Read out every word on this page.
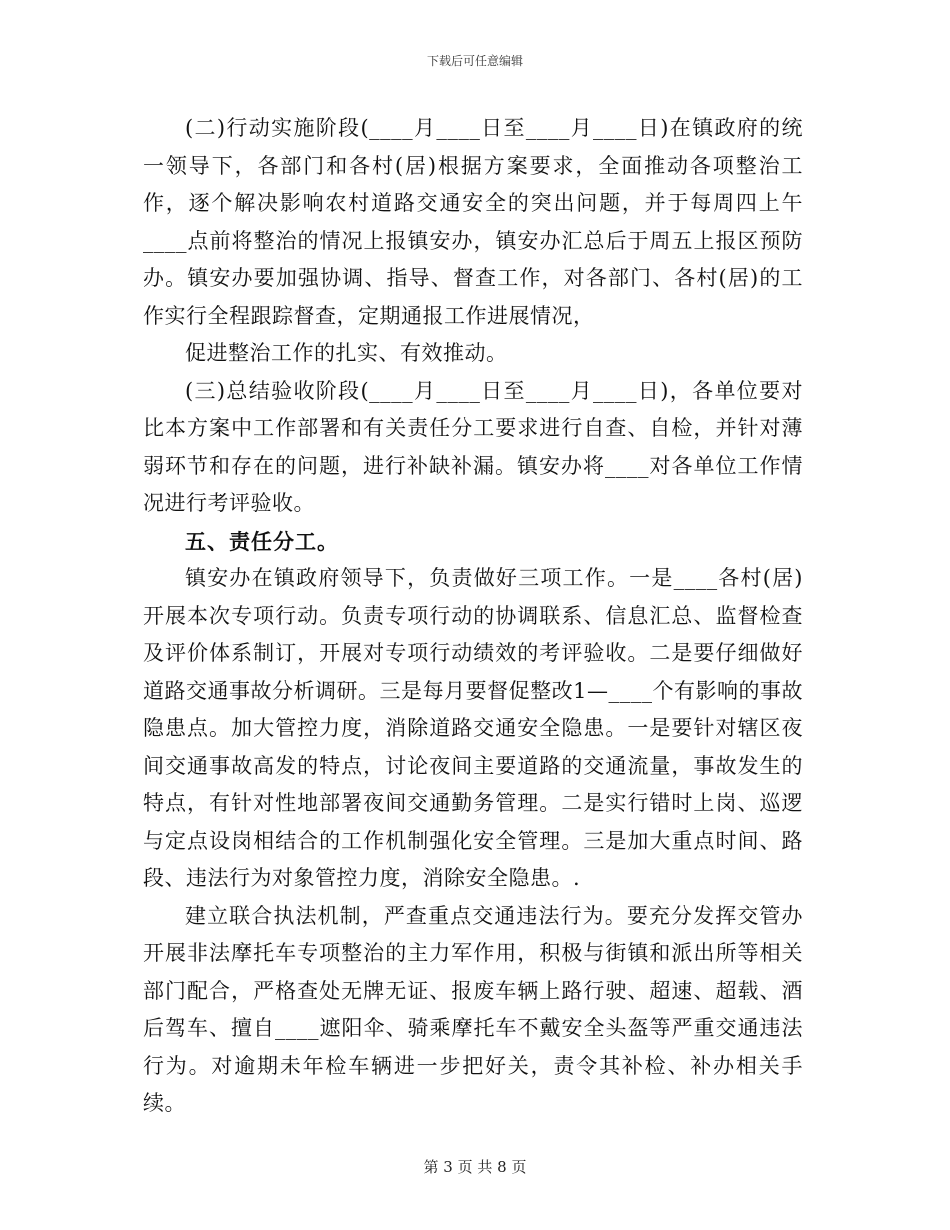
下载后可任意编辑

(二)行动实施阶段(____月____日至____月____日)在镇政府的统一领导下，各部门和各村(居)根据方案要求，全面推动各项整治工作，逐个解决影响农村道路交通安全的突出问题，并于每周四上午____点前将整治的情况上报镇安办，镇安办汇总后于周五上报区预防办。镇安办要加强协调、指导、督查工作，对各部门、各村(居)的工作实行全程跟踪督查，定期通报工作进展情况，

促进整治工作的扎实、有效推动。

(三)总结验收阶段(____月____日至____月____日)，各单位要对比本方案中工作部署和有关责任分工要求进行自查、自检，并针对薄弱环节和存在的问题，进行补缺补漏。镇安办将____对各单位工作情况进行考评验收。

五、责任分工。

镇安办在镇政府领导下，负责做好三项工作。一是____各村(居)开展本次专项行动。负责专项行动的协调联系、信息汇总、监督检查及评价体系制订，开展对专项行动绩效的考评验收。二是要仔细做好道路交通事故分析调研。三是每月要督促整改1—____个有影响的事故隐患点。加大管控力度，消除道路交通安全隐患。一是要针对辖区夜间交通事故高发的特点，讨论夜间主要道路的交通流量，事故发生的特点，有针对性地部署夜间交通勤务管理。二是实行错时上岗、巡逻与定点设岗相结合的工作机制强化安全管理。三是加大重点时间、路段、违法行为对象管控力度，消除安全隐患。.

建立联合执法机制，严查重点交通违法行为。要充分发挥交管办开展非法摩托车专项整治的主力军作用，积极与街镇和派出所等相关部门配合，严格查处无牌无证、报废车辆上路行驶、超速、超载、酒后驾车、擅自____遮阳伞、骑乘摩托车不戴安全头盔等严重交通违法行为。对逾期未年检车辆进一步把好关，责令其补检、补办相关手续。

第 3 页 共 8 页
